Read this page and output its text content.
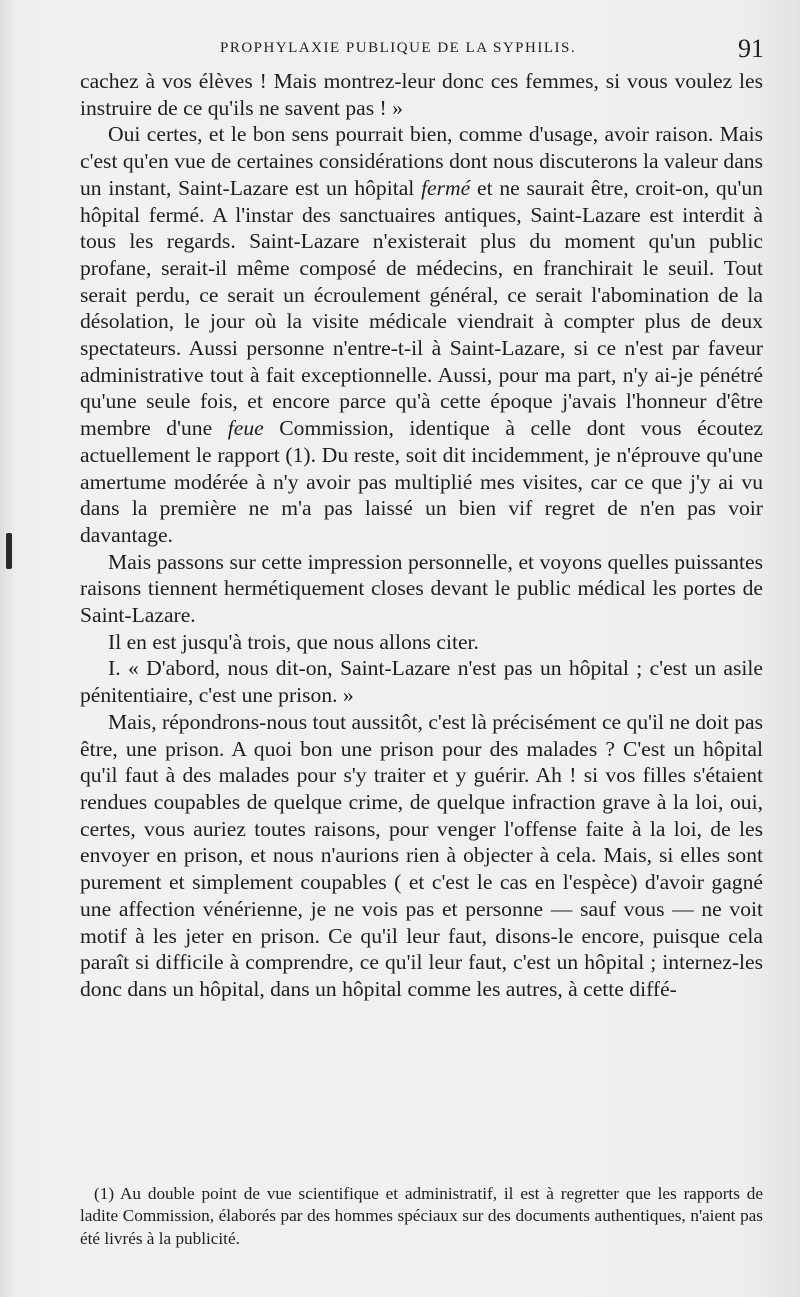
PROPHYLAXIE PUBLIQUE DE LA SYPHILIS.	91

cachez à vos élèves ! Mais montrez-leur donc ces femmes, si vous voulez les instruire de ce qu'ils ne savent pas ! »

Oui certes, et le bon sens pourrait bien, comme d'usage, avoir raison. Mais c'est qu'en vue de certaines considérations dont nous discuterons la valeur dans un instant, Saint-Lazare est un hôpital fermé et ne saurait être, croit-on, qu'un hôpital fermé. A l'instar des sanctuaires antiques, Saint-Lazare est interdit à tous les regards. Saint-Lazare n'existerait plus du moment qu'un public profane, serait-il même composé de médecins, en franchirait le seuil. Tout serait perdu, ce serait un écroulement général, ce serait l'abomination de la désolation, le jour où la visite médicale viendrait à compter plus de deux spectateurs. Aussi personne n'entre-t-il à Saint-Lazare, si ce n'est par faveur administrative tout à fait exceptionnelle. Aussi, pour ma part, n'y ai-je pénétré qu'une seule fois, et encore parce qu'à cette époque j'avais l'honneur d'être membre d'une feue Commission, identique à celle dont vous écoutez actuellement le rapport (1). Du reste, soit dit incidemment, je n'éprouve qu'une amertume modérée à n'y avoir pas multiplié mes visites, car ce que j'y ai vu dans la première ne m'a pas laissé un bien vif regret de n'en pas voir davantage.

Mais passons sur cette impression personnelle, et voyons quelles puissantes raisons tiennent hermétiquement closes devant le public médical les portes de Saint-Lazare.

Il en est jusqu'à trois, que nous allons citer.

I. « D'abord, nous dit-on, Saint-Lazare n'est pas un hôpital ; c'est un asile pénitentiaire, c'est une prison. »

Mais, répondrons-nous tout aussitôt, c'est là précisément ce qu'il ne doit pas être, une prison. A quoi bon une prison pour des malades ? C'est un hôpital qu'il faut à des malades pour s'y traiter et y guérir. Ah ! si vos filles s'étaient rendues coupables de quelque crime, de quelque infraction grave à la loi, oui, certes, vous auriez toutes raisons, pour venger l'offense faite à la loi, de les envoyer en prison, et nous n'aurions rien à objecter à cela. Mais, si elles sont purement et simplement coupables ( et c'est le cas en l'espèce) d'avoir gagné une affection vénérienne, je ne vois pas et personne — sauf vous — ne voit motif à les jeter en prison. Ce qu'il leur faut, disons-le encore, puisque cela paraît si difficile à comprendre, ce qu'il leur faut, c'est un hôpital ; internez-les donc dans un hôpital, dans un hôpital comme les autres, à cette diffé-

(1) Au double point de vue scientifique et administratif, il est à regretter que les rapports de ladite Commission, élaborés par des hommes spéciaux sur des documents authentiques, n'aient pas été livrés à la publicité.
